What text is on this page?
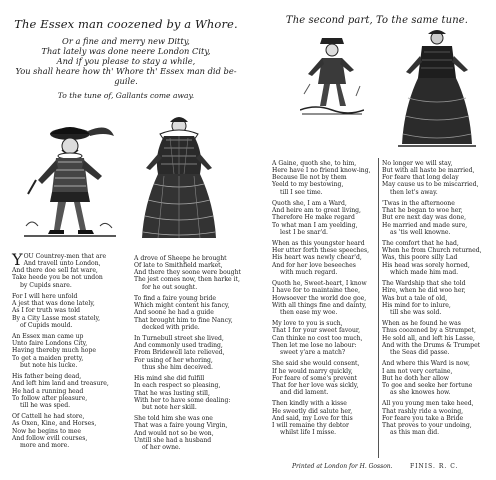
The Essex man coozened by a Whore.
Or a fine and merry new Ditty,
That lately was done neere London City,
And if you please to stay a while,
You shall heare how th' Whore th' Essex man did be-guile.
To the tune of, Gallants come away.
Y OU Countrey-men that are
And travell unto London,
And there doe sell fat ware,
Take heede you be not undon
by Cupids snare.
For I will here unfold
A jest that was done lately,
As I for truth was told
By a City Lasse most stately,
of Cupids mould.
An Essex man came up
Unto faire Londons City,
Having thereby much hope
To get a maiden pretty,
but note his lucke.
His father being dead,
And left him land and treasure,
He had a running head
To follow after pleasure,
till he was sped.
Of Cattell he had store,
As Oxen, Kine, and Horses,
Now he begins to mee
And follow evill courses,
more and more.
A drove of Sheepe he brought
Of late to Smithfield market,
And there they soone were bought
The jest comes now, then harke it,
for he out sought.
To find a faire young bride
Which might content his fancy,
And soone he had a guide
That brought him to fine Nancy,
decked with pride.
In Turnebull street she lived,
And commonly used trading,
From Bridewell late relieved,
For using of her whoring,
thus she him deceived.
His mind she did fulfill
In each respect so pleasing,
That he was lusting still,
With her to have some dealing:
but note her skill.
She told him she was one
That was a faire young Virgin,
And would not so be won,
Untill she had a husband
of her owne.
The second part, To the same tune.
A Gaine, quoth she, to him,
Here have I no friend know-ing,
Because Ile not by them
Yeeld to my bestowing,
till I see time.
Quoth she, I am a Ward,
And heire am to great living,
Therefore He make regard
To what man I am yeelding,
lest I be snar'd.
When as this youngster heard
Her utter forth these speeches,
His heart was newly chear'd,
And for her love beseeches
with much regard.
Quoth he, Sweet-heart, I know
I have for to maintaine thee,
Howsoever the world doe goe,
With all things fine and dainty,
then ease my woe.
My love to you is such,
That I for your sweet favour,
Can thinke no cost too much,
Then let me lose no labour:
sweet y'are a match?
She said she would consent,
If he would marry quickly,
For feare of some's prevent
That for her love was sickly,
and did lament.
Then kindly with a kisse
He sweetly did salute her,
And said, my Love for this
I will remaine thy debtor
whilst life I misse.
No longer we will stay,
But with all haste be married,
For feare that long delay
May cause us to be miscarried,
then let's away.
'Twas in the afternoone
That he began to woe her,
But ere next day was done,
He married and made sure,
as 'tis well knowne.
The comfort that he had,
When he from Church returned,
Was, this poore silly Lad
His head was sorely horned,
which made him mad.
The Wardship that she told
Hire, when he did woo her,
Was but a tale of old,
His mind for to inlure,
till she was sold.
When as he found he was
Thus coozened by a Strumpet,
He sold all, and left his Lasse,
And with the Drums & Trumpet
the Seas did passe.
And where this Ward is now,
I am not very certaine,
But he doth her allow
To goe and seeke her fortune
as she knowes how.
All you young men take heed,
That rashly ride a wooing,
For feare you take a Bride
That proves to your undoing,
as this man did.
Printed at London for H. Gosson.	FINIS. R. C.
